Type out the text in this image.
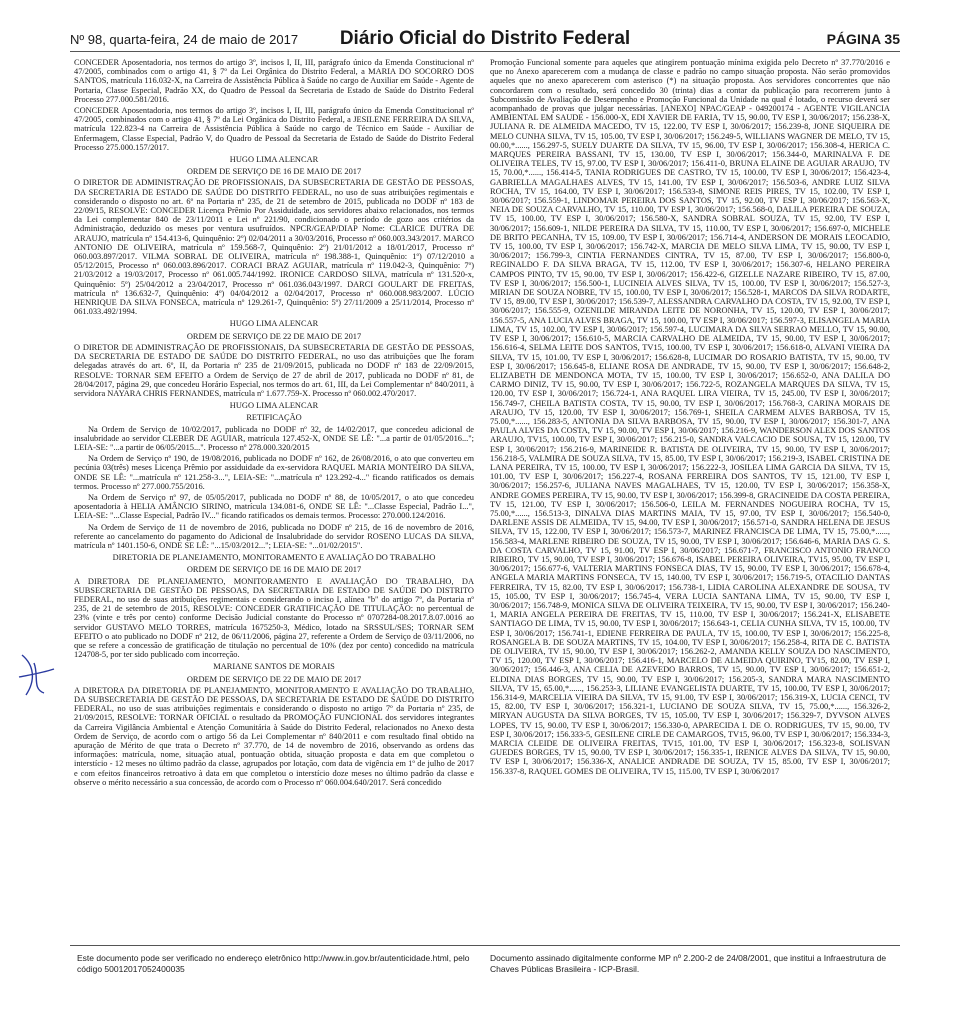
Nº 98, quarta-feira, 24 de maio de 2017	Diário Oficial do Distrito Federal	PÁGINA 35

CONCEDER Aposentadoria, nos termos do artigo 3º, incisos I, II, III, parágrafo único da Emenda Constitucional nº 47/2005, combinados com o artigo 41, § 7º da Lei Orgânica do Distrito Federal, a MARIA DO SOCORRO DOS SANTOS, matrícula 116.032-X, na Carreira de Assistência Pública à Saúde no cargo de Auxiliar em Saúde - Agente de Portaria, Classe Especial, Padrão XX, do Quadro de Pessoal da Secretaria de Estado de Saúde do Distrito Federal Processo 277.000.581/2016.

CONCEDER Aposentadoria, nos termos do artigo 3º, incisos I, II, III, parágrafo único da Emenda Constitucional nº 47/2005, combinados com o artigo 41, § 7º da Lei Orgânica do Distrito Federal, a JESILENE FERREIRA DA SILVA, matrícula 122.823-4 na Carreira de Assistência Pública à Saúde no cargo de Técnico em Saúde - Auxiliar de Enfermagem, Classe Especial, Padrão V, do Quadro de Pessoal da Secretaria de Estado de Saúde do Distrito Federal Processo 275.000.157/2017.

HUGO LIMA ALENCAR

ORDEM DE SERVIÇO DE 16 DE MAIO DE 2017

O DIRETOR DE ADMINISTRAÇÃO DE PROFISSIONAIS, DA SUBSECRETARIA DE GESTÃO DE PESSOAS, DA SECRETARIA DE ESTADO DE SAÚDE DO DISTRITO FEDERAL, no uso de suas atribuições regimentais e considerando o disposto no art. 6º na Portaria nº 235, de 21 de setembro de 2015, publicada no DODF nº 183 de 22/09/15, RESOLVE: CONCEDER Licença Prêmio Por Assiduidade, aos servidores abaixo relacionados, nos termos da Lei complementar 840 de 23/11/2011 e Lei nº 221/90, condicionado o período de gozo aos critérios da Administração, deduzido os meses por ventura usufruídos. NPCR/GEAP/DIAP Nome: CLARICE DUTRA DE ARAUJO, matrícula nº 154.413-6, Quinquênio: 2º) 02/04/2011 a 30/03/2016, Processo nº 060.003.343/2017. MARCO ANTONIO DE OLIVEIRA, matrícula nº 159.568-7, Quinquênio: 2º) 21/01/2012 a 18/01/2017, Processo nº 060.003.897/2017. VILMA SOBRAL DE OLIVEIRA, matrícula nº 198.388-1, Quinquênio: 1º) 07/12/2010 a 05/12/2015, Processo nº 060.003.896/2017. CORACI BRAZ AGUIAR, matrícula nº 119.042-3, Quinquênio: 7º) 21/03/2012 a 19/03/2017, Processo nº 061.005.744/1992. IRONICE CARDOSO SILVA, matrícula nº 131.520-x, Quinquênio: 5º) 25/04/2012 a 23/04/2017, Processo nº 061.036.043/1997. DARCI GOULART DE FREITAS, matrícula nº 136.632-7, Quinquênio: 4º) 04/04/2012 a 02/04/2017, Processo nº 060.008.983/2007. LÚCIO HENRIQUE DA SILVA FONSECA, matrícula nº 129.261-7, Quinquênio: 5º) 27/11/2009 a 25/11/2014, Processo nº 061.033.492/1994.

HUGO LIMA ALENCAR

ORDEM DE SERVIÇO DE 22 DE MAIO DE 2017

O DIRETOR DE ADMINISTRAÇÃO DE PROFISSIONAIS, DA SUBSECRETARIA DE GESTÃO DE PESSOAS, DA SECRETARIA DE ESTADO DE SAÚDE DO DISTRITO FEDERAL, no uso das atribuições que lhe foram delegadas através do art. 6º, II, da Portaria nº 235 de 21/09/2015, publicada no DODF nº 183 de 22/09/2015, RESOLVE: TORNAR SEM EFEITO a Ordem de Serviço de 27 de abril de 2017, publicada no DODF nº 81, de 28/04/2017, página 29, que concedeu Horário Especial, nos termos do art. 61, III, da Lei Complementar nº 840/2011, à servidora NAYARA CHRIS FERNANDES, matrícula nº 1.677.759-X. Processo nº 060.002.470/2017.

HUGO LIMA ALENCAR

RETIFICAÇÃO

Na Ordem de Serviço de 10/02/2017, publicada no DODF nº 32, de 14/02/2017, que concedeu adicional de insalubridade ao servidor CLEBER DE AGUIAR, matrícula 127.452-X, ONDE SE LÊ: "...a partir de 01/05/2016..."; LEIA-SE: "...a partir de 06/05/2015...". Processo nº 278.000.320/2015

Na Ordem de Serviço nº 190, de 19/08/2016, publicada no DODF nº 162, de 26/08/2016, o ato que converteu em pecúnia 03(três) meses Licença Prêmio por assiduidade da ex-servidora RAQUEL MARIA MONTEIRO DA SILVA, ONDE SE LÊ: "...matrícula nº 121.258-3...", LEIA-SE: "...matrícula nº 123.292-4..." ficando ratificados os demais termos. Processo nº 277.000.755/2016.

Na Ordem de Serviço nº 97, de 05/05/2017, publicada no DODF nº 88, de 10/05/2017, o ato que concedeu aposentadoria à HELIA AMÂNCIO SIRINO, matrícula 134.081-6, ONDE SE LÊ: "...Classe Especial, Padrão I...", LEIA-SE: "...Classe Especial, Padrão IV..." ficando ratificados os demais termos. Processo: 270.000.124/2016.

Na Ordem de Serviço de 11 de novembro de 2016, publicada no DODF nº 215, de 16 de novembro de 2016, referente ao cancelamento do pagamento do Adicional de Insalubridade do servidor ROSENO LUCAS DA SILVA, matrícula nº 1401.150-6, ONDE SE LÊ: "...15/03/2012..."; LEIA-SE: "...01/02/2015".

DIRETORIA DE PLANEJAMENTO, MONITORAMENTO E AVALIAÇÃO DO TRABALHO

ORDEM DE SERVIÇO DE 16 DE MAIO DE 2017

A DIRETORA DE PLANEJAMENTO, MONITORAMENTO E AVALIAÇÃO DO TRABALHO, DA SUBSECRETARIA DE GESTÃO DE PESSOAS, DA SECRETARIA DE ESTADO DE SAÚDE DO DISTRITO FEDERAL, no uso de suas atribuições regimentais e considerando o inciso I, alínea "b" do artigo 7º, da Portaria nº 235, de 21 de setembro de 2015, RESOLVE: CONCEDER GRATIFICAÇÃO DE TITULAÇÃO: no percentual de 23% (vinte e três por cento) conforme Decisão Judicial constante do Processo nº 0707284-08.2017.8.07.0016 ao servidor GUSTAVO MELO TORRES, matrícula 1675250-3, Médico, lotado na SRSSUL/SES; TORNAR SEM EFEITO o ato publicado no DODF nº 212, de 06/11/2006, página 27, referente a Ordem de Serviço de 03/11/2006, no que se refere a concessão de gratificação de titulação no percentual de 10% (dez por cento) concedido na matrícula 124708-5, por ter sido publicado com incorreção.

MARIANE SANTOS DE MORAIS

ORDEM DE SERVIÇO DE 22 DE MAIO DE 2017

A DIRETORA DA DIRETORIA DE PLANEJAMENTO, MONITORAMENTO E AVALIAÇÃO DO TRABALHO, DA SUBSECRETARIA DE GESTÃO DE PESSOAS, DA SECRETARIA DE ESTADO DE SAÚDE DO DISTRITO FEDERAL, no uso de suas atribuições regimentais e considerando o disposto no artigo 7º da Portaria nº 235, de 21/09/2015, RESOLVE: TORNAR OFICIAL o resultado da PROMOÇÃO FUNCIONAL dos servidores integrantes da Carreira Vigilância Ambiental e Atenção Comunitária à Saúde do Distrito Federal, relacionados no Anexo desta Ordem de Serviço, de acordo com o artigo 56 da Lei Complementar nº 840/2011 e com resultado final obtido na apuração de Mérito de que trata o Decreto nº 37.770, de 14 de novembro de 2016, observando as ordens das informações: matrícula, nome, situação atual, pontuação obtida, situação proposta e data em que completou o interstício - 12 meses no último padrão da classe, agrupados por lotação, com data de vigência em 1º de julho de 2017 e com efeitos financeiros retroativo à data em que completou o interstício doze meses no último padrão da classe e observe o mérito necessário a sua concessão, de acordo com o Processo nº 060.004.640/2017. Será concedido

Promoção Funcional somente para aqueles que atingirem pontuação mínima exigida pelo Decreto nº 37.770/2016 e que no Anexo aparecerem com a mudança de classe e padrão no campo situação proposta. Não serão promovidos aqueles que no anexo aparecerem com asterisco (*) na situação proposta. Aos servidores concorrentes que não concordarem com o resultado, será concedido 30 (trinta) dias a contar da publicação para recorrerem junto à Subcomissão de Avaliação de Desempenho e Promoção Funcional da Unidade na qual é lotado, o recurso deverá ser acompanhado de provas que julgar necessárias. [ANEXO] NPAC/GEAP - 049200174 - AGENTE VIGILANCIA AMBIENTAL EM SAUDE - 156.000-X, EDI XAVIER DE FARIA, TV 15, 90.00, TV ESP I, 30/06/2017; 156.238-X, JULIANA R. DE ALMEIDA MACEDO, TV 15, 122.00, TV ESP I, 30/06/2017; 156.239-8, JONE SIQUEIRA DE MELO CUNHA SILVA, TV 15, 105.00, TV ESP I, 30/06/2017; 156.249-5, WILLIANS WAGNER DE MELO, TV 15, 00.00,*......, 156.297-5, SUELY DUARTE DA SILVA, TV 15, 96.00, TV ESP I, 30/06/2017; 156.308-4, HERICA C. MARQUES PEREIRA BASSANI, TV 15, 130.00, TV ESP I, 30/06/2017; 156.344-0, MARINALVA F. DE OLIVEIRA TELES, TV 15, 97.00, TV ESP I, 30/06/2017; 156.411-0, BRUNA ELAINE DE AGUIAR ARAUJO, TV 15, 70.00,*......, 156.414-5, TANIA RODRIGUES DE CASTRO, TV 15, 100.00, TV ESP I, 30/06/2017; 156.423-4, GABRIELLA MAGALHAES ALVES, TV 15, 141.00, TV ESP I, 30/06/2017; 156.503-6, ANDRE LUIZ SILVA ROCHA, TV 15, 164.00, TV ESP I, 30/06/2017; 156.533-8, SIMONE REIS PIRES, TV 15, 102.00, TV ESP I, 30/06/2017; 156.559-1, LINDOMAR PEREIRA DOS SANTOS, TV 15, 92.00, TV ESP I, 30/06/2017; 156.563-X, NEIA DE SOUZA CARVALHO, TV 15, 110.00, TV ESP I, 30/06/2017; 156.568-0, DALILA PEREIRA DE SOUZA, TV 15, 100.00, TV ESP I, 30/06/2017; 156.580-X, SANDRA SOBRAL SOUZA, TV 15, 92.00, TV ESP I, 30/06/2017; 156.609-1, NILDE PEREIRA DA SILVA, TV 15, 110.00, TV ESP I, 30/06/2017; 156.697-0, MICHELE DE BRITO PECANHA, TV 15, 109.00, TV ESP I, 30/06/2017; 156.714-4, ANDERSON DE MORAIS LEOCADIO, TV 15, 100.00, TV ESP I, 30/06/2017; 156.742-X, MARCIA DE MELO SILVA LIMA, TV 15, 90.00, TV ESP I, 30/06/2017; 156.799-3, CINTIA FERNANDES CINTRA, TV 15, 87.00, TV ESP I, 30/06/2017; 156.800-0, REGINALDO F. DA SILVA BRAGA, TV 15, 112.00, TV ESP I, 30/06/2017; 156.307-6, HELANO PEREIRA CAMPOS PINTO, TV 15, 90.00, TV ESP I, 30/06/2017; 156.422-6, GIZELLE NAZARE RIBEIRO, TV 15, 87.00, TV ESP I, 30/06/2017; 156.500-1, LUCINEIA ALVES SILVA, TV 15, 100.00, TV ESP I, 30/06/2017; 156.527-3, MIRIAN DE SOUZA NOBRE, TV 15, 100.00, TV ESP I, 30/06/2017; 156.528-1, MARCOS DA SILVA RODARTE, TV 15, 89.00, TV ESP I, 30/06/2017; 156.539-7, ALESSANDRA CARVALHO DA COSTA, TV 15, 92.00, TV ESP I, 30/06/2017; 156.555-9, OZENILDE MIRANDA LEITE DE NORONHA, TV 15, 120.00, TV ESP I, 30/06/2017; 156.557-5, ANA LUCIA ALVES BRAGA, TV 15, 100.00, TV ESP I, 30/06/2017; 156.597-3, ELISANGELA MARIA LIMA, TV 15, 102.00, TV ESP I, 30/06/2017; 156.597-4, LUCIMARA DA SILVA SERRAO MELLO, TV 15, 90.00, TV ESP I, 30/06/2017; 156.610-5, MARCIA CARVALHO DE ALMEIDA, TV 15, 90.00, TV ESP I, 30/06/2017; 156.616-4, SELMA LEITE DOS SANTOS, TV15, 100.00, TV ESP I, 30/06/2017; 156.618-0, ALVANI VIEIRA DA SILVA, TV 15, 101.00, TV ESP I, 30/06/2017; 156.628-8, LUCIMAR DO ROSARIO BATISTA, TV 15, 90.00, TV ESP I, 30/06/2017; 156.645-8, ELIANE ROSA DE ANDRADE, TV 15, 90.00, TV ESP I, 30/06/2017; 156.648-2, ELIZABETH DE MENDONCA MOTA, TV 15, 100.00, TV ESP I, 30/06/2017; 156.652-0, ANA DALILA DO CARMO DINIZ, TV 15, 90.00, TV ESP I, 30/06/2017; 156.722-5, ROZANGELA MARQUES DA SILVA, TV 15, 120.00, TV ESP I, 30/06/2017; 156.724-1, ANA RAQUEL LIRA VIEIRA, TV 15, 245.00, TV ESP I, 30/06/2017; 156.749-7, CHEILA BATISTA COSTA, TV 15, 90.00, TV ESP I, 30/06/2017; 156.768-3, CARINA MORAIS DE ARAUJO, TV 15, 120.00, TV ESP I, 30/06/2017; 156.769-1, SHEILA CARMEM ALVES BARBOSA, TV 15, 75.00,*......, 156.283-5, ANTONIA DA SILVA BARBOSA, TV 15, 90.00, TV ESP I, 30/06/2017; 156.301-7, ANA PAULA ALVES DA COSTA, TV 15, 90.00, TV ESP I, 30/06/2017; 156.216-9, WANDERSON ALEX DOS SANTOS ARAUJO, TV15, 100.00, TV ESP I, 30/06/2017; 156.215-0, SANDRA VALCACIO DE SOUSA, TV 15, 120.00, TV ESP I, 30/06/2017; 156.216-9, MARINEIDE R. BATISTA DE OLIVEIRA, TV 15, 90.00, TV ESP I, 30/06/2017; 156.218-5, VALMIRA DE SOUZA SILVA, TV 15, 85.00, TV ESP I, 30/06/2017; 156.219-3, ISABEL CRISTINA DE LANA PEREIRA, TV 15, 100.00, TV ESP I, 30/06/2017; 156.222-3, JOSILEA LIMA GARCIA DA SILVA, TV 15, 101.00, TV ESP I, 30/06/2017; 156.227-4, ROSANA FERREIRA DOS SANTOS, TV 15, 121.00, TV ESP I, 30/06/2017; 156.257-6, JULIANA NAVES MAGALHAES, TV 15, 120.00, TV ESP I, 30/06/2017; 156.358-X, ANDRE GOMES PEREIRA, TV 15, 90.00, TV ESP I, 30/06/2017; 156.399-8, GRACINEIDE DA COSTA PEREIRA, TV 15, 121.00, TV ESP I, 30/06/2017; 156.506-0, LEILA M. FERNANDES NOGUEIRA ROCHA, TV 15, 75.00,*......, 156.513-3, DINALVA DIAS MARTINS MAIA, TV 15, 97.00, TV ESP I, 30/06/2017; 156.540-0, DARLENE ASSIS DE ALMEIDA, TV 15, 94.00, TV ESP I, 30/06/2017; 156.571-0, SANDRA HELENA DE JESUS SILVA, TV 15, 122.00, TV ESP I, 30/06/2017; 156.573-7, MARINEZ FRANCISCA DE LIMA, TV 15, 75.00,*......, 156.583-4, MARLENE RIBEIRO DE SOUZA, TV 15, 90.00, TV ESP I, 30/06/2017; 156.646-6, MARIA DAS G. S. DA COSTA CARVALHO, TV 15, 91.00, TV ESP I, 30/06/2017; 156.671-7, FRANCISCO ANTONIO FRANCO RIBEIRO, TV 15, 90.00, TV ESP I, 30/06/2017; 156.676-8, ISABEL PEREIRA OLIVEIRA, TV15, 95.00, TV ESP I, 30/06/2017; 156.677-6, VALTERIA MARTINS FONSECA DIAS, TV 15, 90.00, TV ESP I, 30/06/2017; 156.678-4, ANGELA MARIA MARTINS FONSECA, TV 15, 140.00, TV ESP I, 30/06/2017; 156.719-5, OTACILIO DANTAS FERREIRA, TV 15, 82.00, TV ESP I, 30/06/2017; 156.738-1, LIDIA CAROLINA ALEXANDRE DE SOUSA, TV 15, 105.00, TV ESP I, 30/06/2017; 156.745-4, VERA LUCIA SANTANA LIMA, TV 15, 90.00, TV ESP I, 30/06/2017; 156.748-9, MONICA SILVA DE OLIVEIRA TEIXEIRA, TV 15, 90.00, TV ESP I, 30/06/2017; 156.240-1, MARIA ANGELA PEREIRA DE FREITAS, TV 15, 110.00, TV ESP I, 30/06/2017; 156.241-X, ELISABETE SANTIAGO DE LIMA, TV 15, 90.00, TV ESP I, 30/06/2017; 156.643-1, CELIA CUNHA SILVA, TV 15, 100.00, TV ESP I, 30/06/2017; 156.741-1, EDIENE FERREIRA DE PAULA, TV 15, 100.00, TV ESP I, 30/06/2017; 156.225-8, ROSANGELA B. DE SOUZA MARTINS, TV 15, 104.00, TV ESP I, 30/06/2017; 156.258-4, RITA DE C. BATISTA DE OLIVEIRA, TV 15, 90.00, TV ESP I, 30/06/2017; 156.262-2, AMANDA KELLY SOUZA DO NASCIMENTO, TV 15, 120.00, TV ESP I, 30/06/2017; 156.416-1, MARCELO DE ALMEIDA QUIRINO, TV15, 82.00, TV ESP I, 30/06/2017; 156.446-3, ANA CELIA DE AZEVEDO BARROS, TV 15, 90.00, TV ESP I, 30/06/2017; 156.651-2, ELDINA DIAS BORGES, TV 15, 90.00, TV ESP I, 30/06/2017; 156.205-3, SANDRA MARA NASCIMENTO SILVA, TV 15, 65.00,*......, 156.253-3, LILIANE EVANGELISTA DUARTE, TV 15, 100.00, TV ESP I, 30/06/2017; 156.314-9, MARCELIA VIEIRA DA SILVA, TV 15, 91.00, TV ESP I, 30/06/2017; 156.319-X, LUCIA CENCI, TV 15, 82.00, TV ESP I, 30/06/2017; 156.321-1, LUCIANO DE SOUZA SILVA, TV 15, 75.00,*......, 156.326-2, MIRYAN AUGUSTA DA SILVA BORGES, TV 15, 105.00, TV ESP I, 30/06/2017; 156.329-7, DYVSON ALVES LOPES, TV 15, 90.00, TV ESP I, 30/06/2017; 156.330-0, APARECIDA I. DE O. RODRIGUES, TV 15, 90.00, TV ESP I, 30/06/2017; 156.333-5, GESILENE CIRLE DE CAMARGOS, TV15, 96.00, TV ESP I, 30/06/2017; 156.334-3, MARCIA CLEIDE DE OLIVEIRA FREITAS, TV15, 101.00, TV ESP I, 30/06/2017; 156.323-8, SOLISVAN GUEDES BORGES, TV 15, 90.00, TV ESP I, 30/06/2017; 156.335-1, IRENICE ALVES DA SILVA, TV 15, 90.00, TV ESP I, 30/06/2017; 156.336-X, ANALICE ANDRADE DE SOUZA, TV 15, 85.00, TV ESP I, 30/06/2017; 156.337-8, RAQUEL GOMES DE OLIVEIRA, TV 15, 115.00, TV ESP I, 30/06/2017

Este documento pode ser verificado no endereço eletrônico http://www.in.gov.br/autenticidade.html, pelo código 50012017052400035
Documento assinado digitalmente conforme MP nº 2.200-2 de 24/08/2001, que institui a Infraestrutura de Chaves Públicas Brasileira - ICP-Brasil.
